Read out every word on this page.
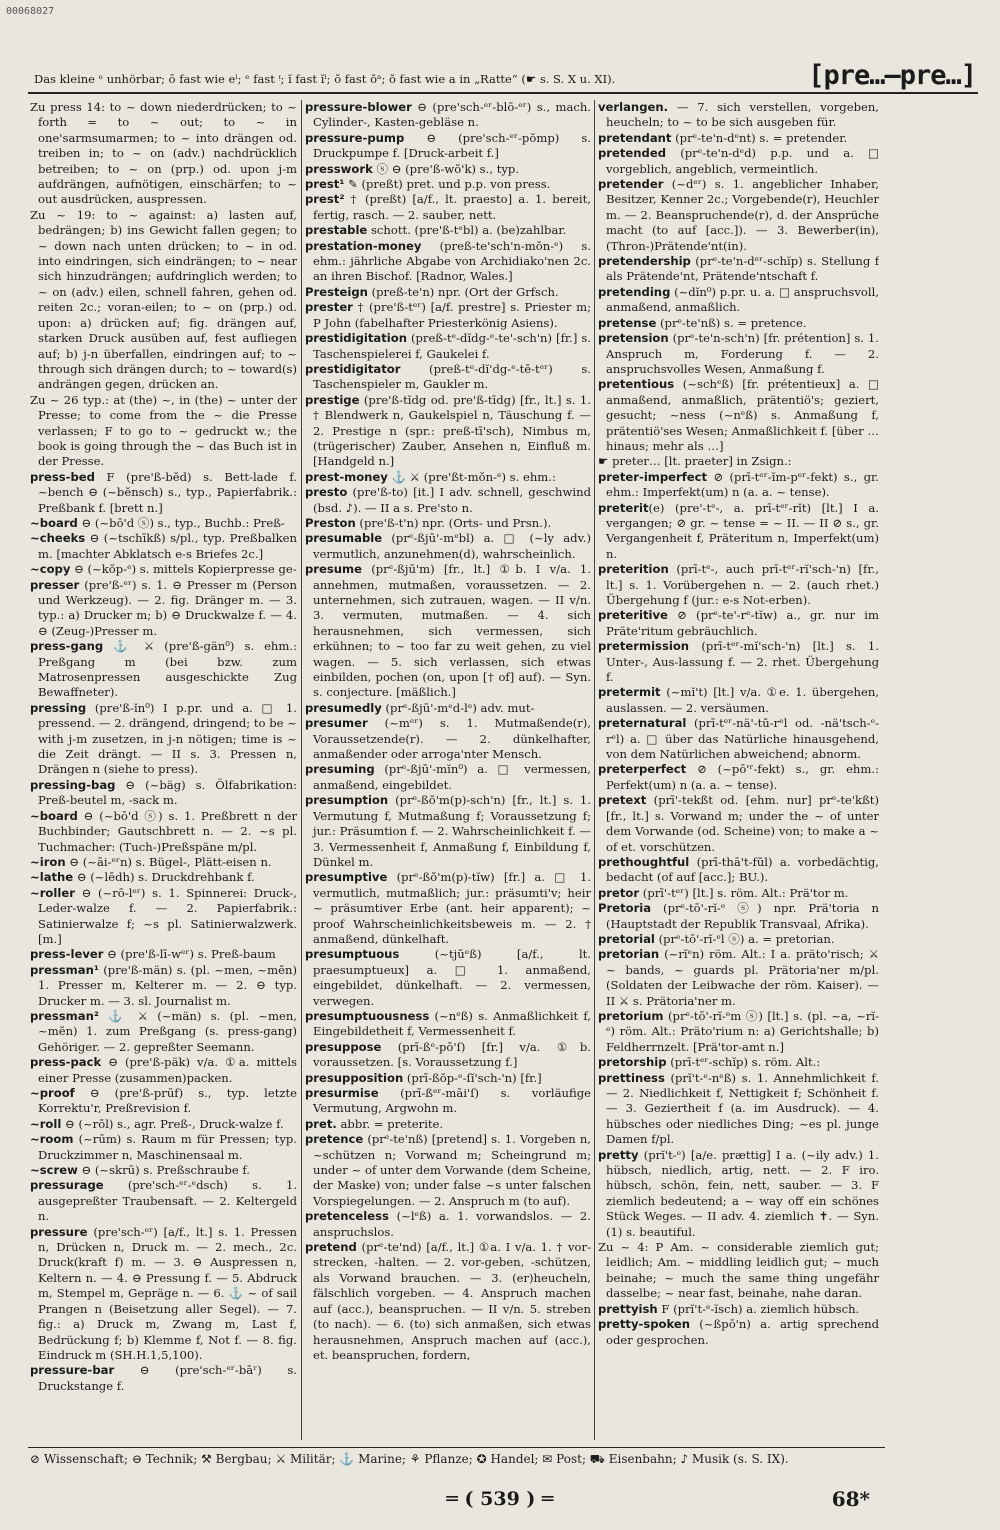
00068027
Das kleine ᵉ unhörbar; ō fast wie eⁱ; ᵉ fast ᵎ; ĭ fast ĭⁱ; ŏ fast ŏᵃ; ŏ fast wie a in „Ratte“ (☛ s. S. X u. XI).	[pre…—pre…]

Zu press 14: to ~ down niederdrücken; to ~ forth = to ~ out; to ~ in one'sarmsumarmen; to ~ into drängen od. treiben in; to ~ on (adv.) nachdrücklich betreiben; to ~ on (prp.) od. upon j-m aufdrängen, aufnötigen, einschärfen; to ~ out ausdrücken, auspressen.

Zu ~ 19: to ~ against: a) lasten auf, bedrängen; b) ins Gewicht fallen gegen; to ~ down nach unten drücken; to ~ in od. into eindringen, sich eindrängen; to ~ near sich hinzudrängen; aufdringlich werden; to ~ on (adv.) eilen, schnell fahren, gehen od. reiten 2c.; voran-eilen; to ~ on (prp.) od. upon: a) drücken auf; fig. drängen auf, starken Druck ausüben auf, fest aufliegen auf; b) j-n überfallen, eindringen auf; to ~ through sich drängen durch; to ~ toward(s) andrängen gegen, drücken an.

Zu ~ 26 typ.: at (the) ~, in (the) ~ unter der Presse; to come from the ~ die Presse verlassen; F to go to ~ gedruckt w.; the book is going through the ~ das Buch ist in der Presse.

press-bed F (pre'ß-bĕd) s. Bett-lade f. ~bench ⊖ (~bĕnsch) s., typ., Papierfabrik.: Preßbank f. [brett n.]

~board ⊖ (~bō'd ⓢ) s., typ., Buchb.: Preß-

~cheeks ⊖ (~tschīkß) s/pl., typ. Preßbalken m. [machter Abklatsch e-s Briefes 2c.]

~copy ⊖ (~kŏp-ᵉ) s. mittels Kopierpresse ge-

presser (pre'ß-ᵉʳ) s. 1. ⊖ Presser m (Person und Werkzeug). — 2. fig. Dränger m. — 3. typ.: a) Drucker m; b) ⊖ Druckwalze f. — 4. ⊖ (Zeug-)Presser m.

press-gang ⚓ ⚔ (pre'ß-gän⁰) s. ehm.: Preßgang m (bei bzw. zum Matrosenpressen ausgeschickte Zug Bewaffneter).

pressing (pre'ß-ĭn⁰) I p.pr. und a. □ 1. pressend. — 2. drängend, dringend; to be ~ with j-m zusetzen, in j-n nötigen; time is ~ die Zeit drängt. — II s. 3. Pressen n, Drängen n (siehe to press).

pressing-bag ⊖ (~bäg) s. Ölfabrikation: Preß-beutel m, -sack m.

~board ⊖ (~bō'd ⓢ) s. 1. Preßbrett n der Buchbinder; Gautschbrett n. — 2. ~s pl. Tuchmacher: (Tuch-)Preßspäne m/pl.

~iron ⊖ (~āi-ᵉʳn) s. Bügel-, Plätt-eisen n.

~lathe ⊖ (~lēdh) s. Druckdrehbank f.

~roller ⊖ (~rō-lᵉʳ) s. 1. Spinnerei: Druck-, Leder-walze f. — 2. Papierfabrik.: Satinierwalze f; ~s pl. Satinierwalzwerk. [m.]

press-lever ⊖ (pre'ß-lī-wᵉʳ) s. Preß-baum

pressman¹ (pre'ß-män) s. (pl. ~men, ~mĕn) 1. Presser m, Kelterer m. — 2. ⊖ typ. Drucker m. — 3. sl. Journalist m.

pressman² ⚓ ⚔ (~män) s. (pl. ~men, ~mĕn) 1. zum Preßgang (s. press-gang) Gehöriger. — 2. gepreßter Seemann.

press-pack ⊖ (pre'ß-päk) v/a. ①a. mittels einer Presse (zusammen)packen.

~proof ⊖ (pre'ß-prūf) s., typ. letzte Korrektu'r, Preßrevision f.

~roll ⊖ (~rōl) s., agr. Preß-, Druck-walze f.

~room (~rūm) s. Raum m für Pressen; typ. Druckzimmer n, Maschinensaal m.

~screw ⊖ (~skrū) s. Preßschraube f.

pressurage (pre'sch-ᵉʳ-ᵉdsch) s. 1. ausgepreßter Traubensaft. — 2. Keltergeld n.

pressure (pre'sch-ᵉʳ) [a/f., lt.] s. 1. Pressen n, Drücken n, Druck m. — 2. mech., 2c. Druck(kraft f) m. — 3. ⊖ Auspressen n, Keltern n. — 4. ⊖ Pressung f. — 5. Abdruck m, Stempel m, Gepräge n. — 6. ⚓ ~ of sail Prangen n (Beisetzung aller Segel). — 7. fig.: a) Druck m, Zwang m, Last f, Bedrückung f; b) Klemme f, Not f. — 8. fig. Eindruck m (SH.H.1,5,100).

pressure-bar ⊖ (pre'sch-ᵉʳ-bāʳ) s. Druckstange f.

pressure-blower ⊖ (pre'sch-ᵉʳ-blō-ᵉʳ) s., mach. Cylinder-, Kasten-gebläse n.

pressure-pump ⊖ (pre'sch-ᵉʳ-pŏmp) s. Druckpumpe f. [Druck-arbeit f.]

presswork ⓢ ⊖ (pre'ß-wŏ'k) s., typ.

prest¹ ✎ (preßt) pret. und p.p. von press.

prest² † (preßt) [a/f., lt. praesto] a. 1. bereit, fertig, rasch. — 2. sauber, nett.

prestable schott. (pre'ß-tᵉbl) a. (be)zahlbar.

prestation-money (preß-te'sch'n-mŏn-ᵉ) s. ehm.: jährliche Abgabe von Archidiako'nen 2c. an ihren Bischof. [Radnor, Wales.]

Presteign (preß-te'n) npr. (Ort der Grfsch.

prester † (pre'ß-tᵉʳ) [a/f. prestre] s. Priester m; P John (fabelhafter Priesterkönig Asiens).

prestidigitation (preß-tᵉ-dĭdg-ᵉ-te'-sch'n) [fr.] s. Taschenspielerei f, Gaukelei f.

prestidigitator (preß-tᵉ-dĭ'dg-ᵉ-tē-tᵉʳ) s. Taschenspieler m, Gaukler m.

prestige (pre'ß-tĭdg od. pre'ß-tīdg) [fr., lt.] s. 1. † Blendwerk n, Gaukelspiel n, Täuschung f. — 2. Prestige n (spr.: preß-tī'sch), Nimbus m, (trügerischer) Zauber, Ansehen n, Einfluß m. [Handgeld n.]

prest-money ⚓ ⚔ (pre'ßt-mŏn-ᵉ) s. ehm.:

presto (pre'ß-to) [it.] I adv. schnell, geschwind (bsd. ♪). — II a s. Pre'sto n.

Preston (pre'ß-t'n) npr. (Orts- und Prsn.).

presumable (prᵉ-ßjū'-mᵉbl) a. □ (~ly adv.) vermutlich, anzunehmen(d), wahrscheinlich.

presume (prᵉ-ßjū'm) [fr., lt.] ①b. I v/a. 1. annehmen, mutmaßen, voraussetzen. — 2. unternehmen, sich zutrauen, wagen. — II v/n. 3. vermuten, mutmaßen. — 4. sich herausnehmen, sich vermessen, sich erkühnen; to ~ too far zu weit gehen, zu viel wagen. — 5. sich verlassen, sich etwas einbilden, pochen (on, upon [† of] auf). — Syn. s. conjecture. [mäßlich.]

presumedly (prᵉ-ßjū'-mᵉd-lᵉ) adv. mut-

presumer (~mᵉʳ) s. 1. Mutmaßende(r), Voraussetzende(r). — 2. dünkelhafter, anmaßender oder arroga'nter Mensch.

presuming (prᵉ-ßjū'-mĭn⁰) a. □ vermessen, anmaßend, eingebildet.

presumption (prᵉ-ßŏ'm(p)-sch'n) [fr., lt.] s. 1. Vermutung f, Mutmaßung f; Voraussetzung f; jur.: Präsumtion f. — 2. Wahrscheinlichkeit f. — 3. Vermessenheit f, Anmaßung f, Einbildung f, Dünkel m.

presumptive (prᵉ-ßŏ'm(p)-tĭw) [fr.] a. □ 1. vermutlich, mutmaßlich; jur.: präsumti'v; heir ~ präsumtiver Erbe (ant. heir apparent); ~ proof Wahrscheinlichkeitsbeweis m. — 2. † anmaßend, dünkelhaft.

presumptuous (~tjŭᵉß) [a/f., lt. praesumptueux] a. □ 1. anmaßend, eingebildet, dünkelhaft. — 2. vermessen, verwegen.

presumptuousness (~nᵉß) s. Anmaßlichkeit f, Eingebildetheit f, Vermessenheit f.

presuppose (prī-ßᵉ-pō'ſ) [fr.] v/a. ①b. voraussetzen. [s. Voraussetzung f.]

presupposition (prī-ßŏp-ᵉ-ſĭ'sch-'n) [fr.]

presurmise (prī-ßᵉʳ-māi'ſ) s. vorläufige Vermutung, Argwohn m.

pret. abbr. = preterite.

pretence (prᵉ-te'nß) [pretend] s. 1. Vorgeben n, ~schützen n; Vorwand m; Scheingrund m; under ~ of unter dem Vorwande (dem Scheine, der Maske) von; under false ~s unter falschen Vorspiegelungen. — 2. Anspruch m (to auf).

pretenceless (~lᵉß) a. 1. vorwandslos. — 2. anspruchslos.

pretend (prᵉ-te'nd) [a/f., lt.] ①a. I v/a. 1. † vor-strecken, -halten. — 2. vor-geben, -schützen, als Vorwand brauchen. — 3. (er)heucheln, fälschlich vorgeben. — 4. Anspruch machen auf (acc.), beanspruchen. — II v/n. 5. streben (to nach). — 6. (to) sich anmaßen, sich etwas herausnehmen, Anspruch machen auf (acc.), et. beanspruchen, fordern,

verlangen. — 7. sich verstellen, vorgeben, heucheln; to ~ to be sich ausgeben für.

pretendant (prᵉ-te'n-dᵉnt) s. = pretender.

pretended (prᵉ-te'n-dᵉd) p.p. und a. □ vorgeblich, angeblich, vermeintlich.

pretender (~dᵉʳ) s. 1. angeblicher Inhaber, Besitzer, Kenner 2c.; Vorgebende(r), Heuchler m. — 2. Beanspruchende(r), d. der Ansprüche macht (to auf [acc.]). — 3. Bewerber(in), (Thron-)Prätende'nt(in).

pretendership (prᵉ-te'n-dᵉʳ-schĭp) s. Stellung f als Prätende'nt, Prätende'ntschaft f.

pretending (~dĭn⁰) p.pr. u. a. □ anspruchsvoll, anmaßend, anmaßlich.

pretense (prᵉ-te'nß) s. = pretence.

pretension (prᵉ-te'n-sch'n) [fr. prétention] s. 1. Anspruch m, Forderung f. — 2. anspruchsvolles Wesen, Anmaßung f.

pretentious (~schᵉß) [fr. prétentieux] a. □ anmaßend, anmaßlich, prätentiö's; geziert, gesucht; ~ness (~nᵉß) s. Anmaßung f, prätentiö'ses Wesen; Anmaßlichkeit f. [über … hinaus; mehr als …]

☛ preter… [lt. praeter] in Zsign.:

preter-imperfect ⊘ (prī-tᵉʳ-ĭm-pᵉʳ-fekt) s., gr. ehm.: Imperfekt(um) n (a. a. ~ tense).

preterit(e) (pre'-tᵉ-, a. prī-tᵉʳ-rĭt) [lt.] I a. vergangen; ⊘ gr. ~ tense = ~ II. — II ⊘ s., gr. Vergangenheit f, Präteritum n, Imperfekt(um) n.

preterition (prī-tᵉ-, auch prī-tᵉʳ-rĭ'sch-'n) [fr., lt.] s. 1. Vorübergehen n. — 2. (auch rhet.) Übergehung f (jur.: e-s Not-erben).

preteritive ⊘ (prᵉ-te'-rᵉ-tĭw) a., gr. nur im Präte'ritum gebräuchlich.

pretermission (prī-tᵉʳ-mĭ'sch-'n) [lt.] s. 1. Unter-, Aus-lassung f. — 2. rhet. Übergehung f.

pretermit (~mĭ't) [lt.] v/a. ①e. 1. übergehen, auslassen. — 2. versäumen.

preternatural (prī-tᵉʳ-nä'-tŭ-rᵉl od. -nä'tsch-ᵉ-rᵉl) a. □ über das Natürliche hinausgehend, von dem Natürlichen abweichend; abnorm.

preterperfect ⊘ (~pō'ʳ-fekt) s., gr. ehm.: Perfekt(um) n (a. a. ~ tense).

pretext (prī'-tekßt od. [ehm. nur] prᵉ-te'kßt) [fr., lt.] s. Vorwand m; under the ~ of unter dem Vorwande (od. Scheine) von; to make a ~ of et. vorschützen.

prethoughtful (prī-thā't-fŭl) a. vorbedächtig, bedacht (of auf [acc.]; BU.).

pretor (prī'-tᵉʳ) [lt.] s. röm. Alt.: Prä'tor m.

Pretoria (prᵉ-tō'-rĭ-ᵉ ⓢ) npr. Prä'toria n (Hauptstadt der Republik Transvaal, Afrika).

pretorial (prᵉ-tō'-rĭ-ᵉl ⓢ) a. = pretorian.

pretorian (~rĭᵉn) röm. Alt.: I a. präto'risch; ⚔ ~ bands, ~ guards pl. Prätoria'ner m/pl. (Soldaten der Leibwache der röm. Kaiser). — II ⚔ s. Prätoria'ner m.

pretorium (prᵉ-tō'-rĭ-ᵉm ⓢ) [lt.] s. (pl. ~a, ~rĭ-ᵉ) röm. Alt.: Präto'rium n: a) Gerichtshalle; b) Feldherrnzelt. [Prä'tor-amt n.]

pretorship (prī-tᵉʳ-schĭp) s. röm. Alt.:

prettiness (prĭ't-ᵉ-nᵉß) s. 1. Annehmlichkeit f. — 2. Niedlichkeit f, Nettigkeit f; Schönheit f. — 3. Geziertheit f (a. im Ausdruck). — 4. hübsches oder niedliches Ding; ~es pl. junge Damen f/pl.

pretty (prĭ't-ᵉ) [a/e. prættig] I a. (~ily adv.) 1. hübsch, niedlich, artig, nett. — 2. F iro. hübsch, schön, fein, nett, sauber. — 3. F ziemlich bedeutend; a ~ way off ein schönes Stück Weges. — II adv. 4. ziemlich ✝. — Syn. (1) s. beautiful.

Zu ~ 4: P Am. ~ considerable ziemlich gut; leidlich; Am. ~ middling leidlich gut; ~ much beinahe; ~ much the same thing ungefähr dasselbe; ~ near fast, beinahe, nahe daran.

prettyish F (prĭ't-ᵉ-ĭsch) a. ziemlich hübsch.

pretty-spoken (~ßpō'n) a. artig sprechend oder gesprochen.

⊘ Wissenschaft; ⊖ Technik; ⚒ Bergbau; ⚔ Militär; ⚓ Marine; ⚘ Pflanze; ✪ Handel; ✉ Post; ⛟ Eisenbahn; ♪ Musik (s. S. IX).
═ ( 539 ) ═	68*
